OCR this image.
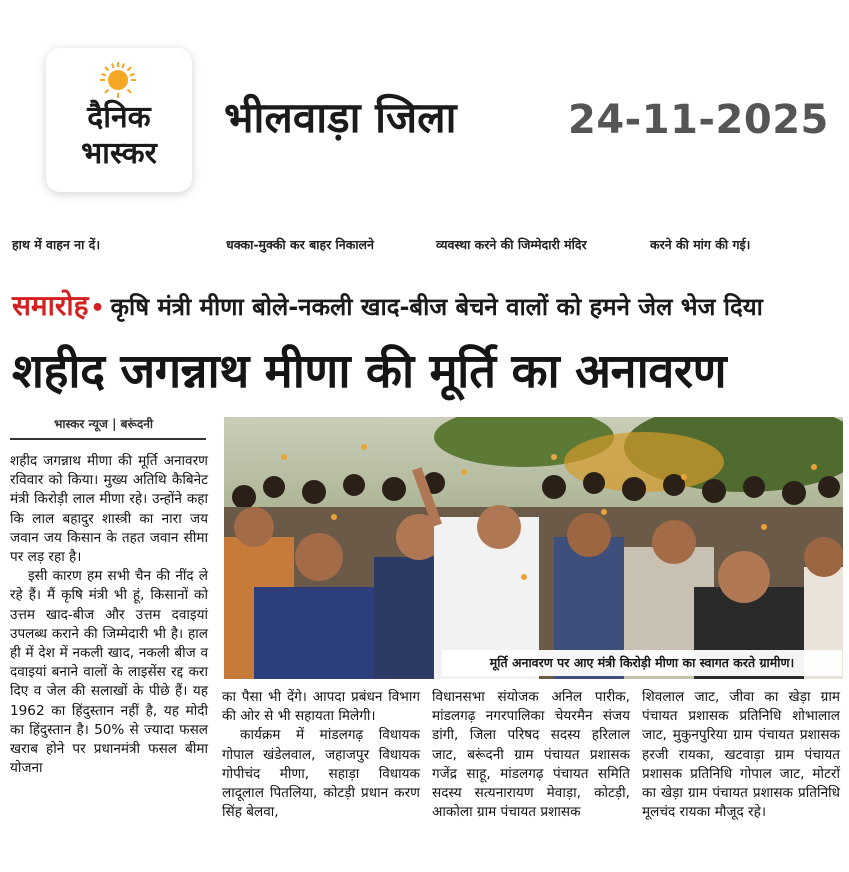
दैनिक
भास्कर
भीलवाड़ा जिला	24-11-2025
हाथ में वाहन ना दें।	धक्का-मुक्की कर बाहर निकालने	व्यवस्था करने की जिम्मेदारी मंदिर	करने की मांग की गई।
समारोह• कृषि मंत्री मीणा बोले-नकली खाद-बीज बेचने वालों को हमने जेल भेज दिया
शहीद जगन्नाथ मीणा की मूर्ति का अनावरण
भास्कर न्यूज | बरूंदनी

शहीद जगन्नाथ मीणा की मूर्ति अनावरण रविवार को किया। मुख्य अतिथि कैबिनेट मंत्री किरोड़ी लाल मीणा रहे। उन्होंने कहा कि लाल बहादुर शास्त्री का नारा जय जवान जय किसान के तहत जवान सीमा पर लड़ रहा है।

इसी कारण हम सभी चैन की नींद ले रहे हैं। मैं कृषि मंत्री भी हूं, किसानों को उत्तम खाद-बीज और उत्तम दवाइयां उपलब्ध कराने की जिम्मेदारी भी है। हाल ही में देश में नकली खाद, नकली बीज व दवाइयां बनाने वालों के लाइसेंस रद्द करा दिए व जेल की सलाखों के पीछे हैं। यह 1962 का हिंदुस्तान नहीं है, यह मोदी का हिंदुस्तान है। 50% से ज्यादा फसल खराब होने पर प्रधानमंत्री फसल बीमा योजना

मूर्ति अनावरण पर आए मंत्री किरोड़ी मीणा का स्वागत करते ग्रामीण।

का पैसा भी देंगे। आपदा प्रबंधन विभाग की ओर से भी सहायता मिलेगी।

कार्यक्रम में मांडलगढ़ विधायक गोपाल खंडेलवाल, जहाजपुर विधायक गोपीचंद मीणा, सहाड़ा विधायक लादूलाल पितलिया, कोटड़ी प्रधान करण सिंह बेलवा,

विधानसभा संयोजक अनिल पारीक, मांडलगढ़ नगरपालिका चेयरमैन संजय डांगी, जिला परिषद सदस्य हरिलाल जाट, बरूंदनी ग्राम पंचायत प्रशासक गजेंद्र साहू, मांडलगढ़ पंचायत समिति सदस्य सत्यनारायण मेवाड़ा, कोटड़ी, आकोला ग्राम पंचायत प्रशासक

शिवलाल जाट, जीवा का खेड़ा ग्राम पंचायत प्रशासक प्रतिनिधि शोभालाल जाट, मुकुनपुरिया ग्राम पंचायत प्रशासक हरजी रायका, खटवाड़ा ग्राम पंचायत प्रशासक प्रतिनिधि गोपाल जाट, मोटरों का खेड़ा ग्राम पंचायत प्रशासक प्रतिनिधि मूलचंद रायका मौजूद रहे।
